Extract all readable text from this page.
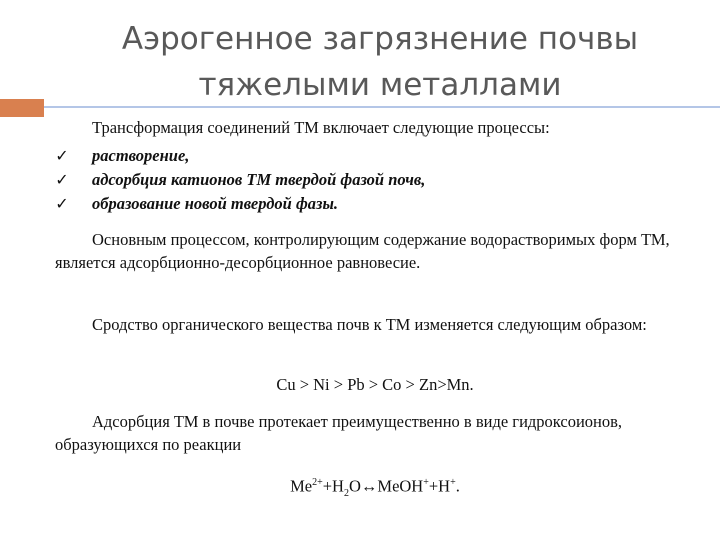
Аэрогенное загрязнение почвы
тяжелыми металлами
Трансформация соединений ТМ включает следующие процессы:
✓ растворение,
✓ адсорбция катионов ТМ твердой фазой почв,
✓ образование новой твердой фазы.

Основным процессом, контролирующим содержание водорастворимых форм ТМ, является адсорбционно-десорбционное равновесие.

Сродство органического вещества почв к ТМ изменяется следующим образом:

Cu > Ni > Pb > Co > Zn>Mn.

Адсорбция ТМ в почве протекает преимущественно в виде гидроксоионов, образующихся по реакции

$Me^{2+}+H_2O\leftrightarrow MeOH^++H^+$.
